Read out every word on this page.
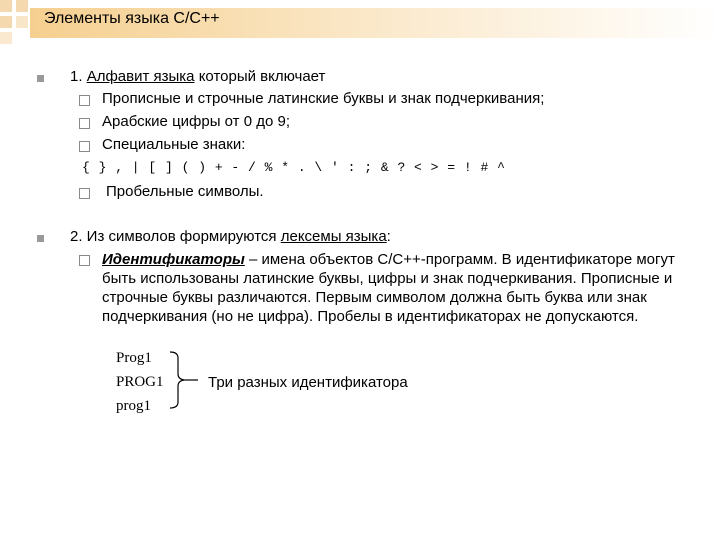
Элементы языка С/С++
1. Алфавит языка который включает
Прописные и строчные латинские буквы и знак подчеркивания;
Арабские цифры от 0 до 9;
Специальные знаки:
{ } , | [ ] ( ) + - / % * . \ ' : ; & ? < > = ! # ^
Пробельные символы.
2. Из символов формируются лексемы языка:
Идентификаторы – имена объектов С/С++-программ. В идентификаторе могут быть использованы латинские буквы, цифры и знак подчеркивания. Прописные и строчные буквы различаются. Первым символом должна быть буква или знак подчеркивания (но не цифра). Пробелы в идентификаторах не допускаются.
Prog1
PROG1
prog1
Три разных идентификатора
